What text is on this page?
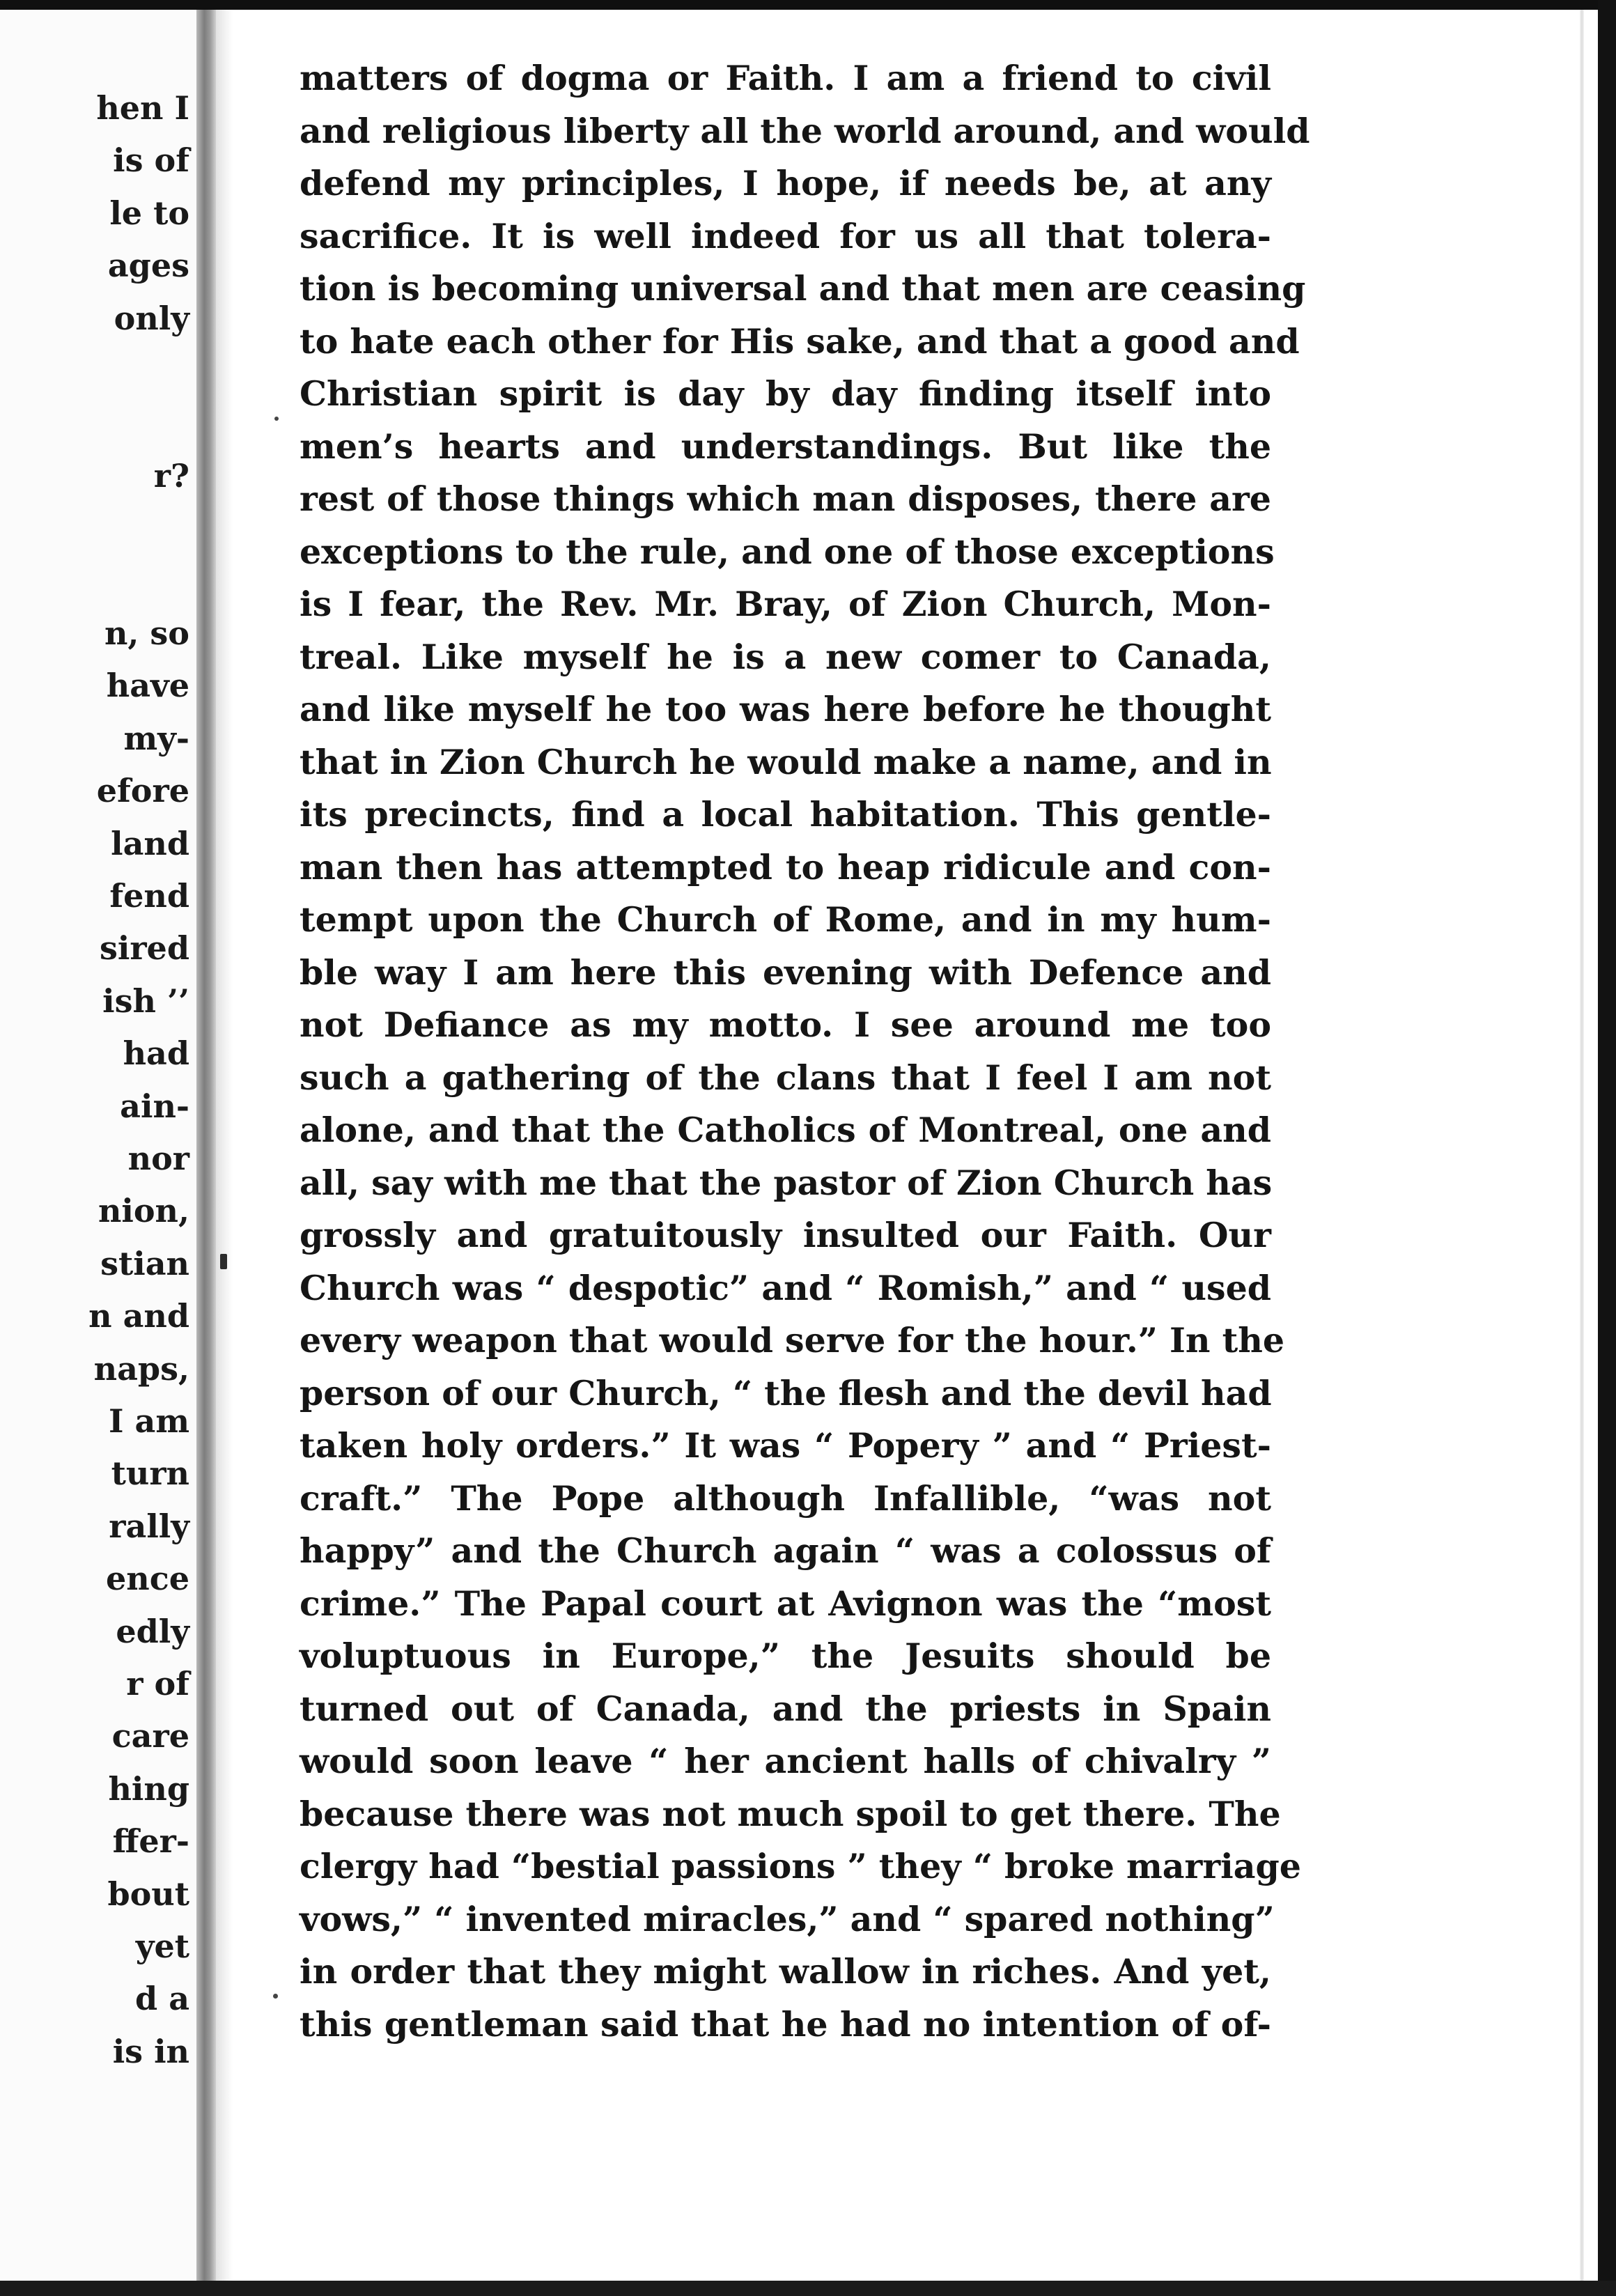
hen I
is of
le to
ages
only
r?
n, so
have
my-
efore
land
fend
sired
ish ’’
had
ain-
nor
nion,
stian
n and
naps,
I am
turn
rally
ence
edly
r of
care
hing
ffer-
bout
yet
d a
is in
matters of dogma or Faith. I am a friend to civil
and religious liberty all the world around, and would
defend my principles, I hope, if needs be, at any
sacrifice. It is well indeed for us all that tolera-
tion is becoming universal and that men are ceasing
to hate each other for His sake, and that a good and
Christian spirit is day by day finding itself into
men’s hearts and understandings. But like the
rest of those things which man disposes, there are
exceptions to the rule, and one of those exceptions
is I fear, the Rev. Mr. Bray, of Zion Church, Mon-
treal. Like myself he is a new comer to Canada,
and like myself he too was here before he thought
that in Zion Church he would make a name, and in
its precincts, find a local habitation. This gentle-
man then has attempted to heap ridicule and con-
tempt upon the Church of Rome, and in my hum-
ble way I am here this evening with Defence and
not Defiance as my motto. I see around me too
such a gathering of the clans that I feel I am not
alone, and that the Catholics of Montreal, one and
all, say with me that the pastor of Zion Church has
grossly and gratuitously insulted our Faith. Our
Church was “ despotic” and “ Romish,” and “ used
every weapon that would serve for the hour.” In the
person of our Church, “ the flesh and the devil had
taken holy orders.” It was “ Popery ” and “ Priest-
craft.” The Pope although Infallible, “was not
happy” and the Church again “ was a colossus of
crime.” The Papal court at Avignon was the “most
voluptuous in Europe,” the Jesuits should be
turned out of Canada, and the priests in Spain
would soon leave “ her ancient halls of chivalry ”
because there was not much spoil to get there. The
clergy had “bestial passions ” they “ broke marriage
vows,” “ invented miracles,” and “ spared nothing”
in order that they might wallow in riches. And yet,
this gentleman said that he had no intention of of-
